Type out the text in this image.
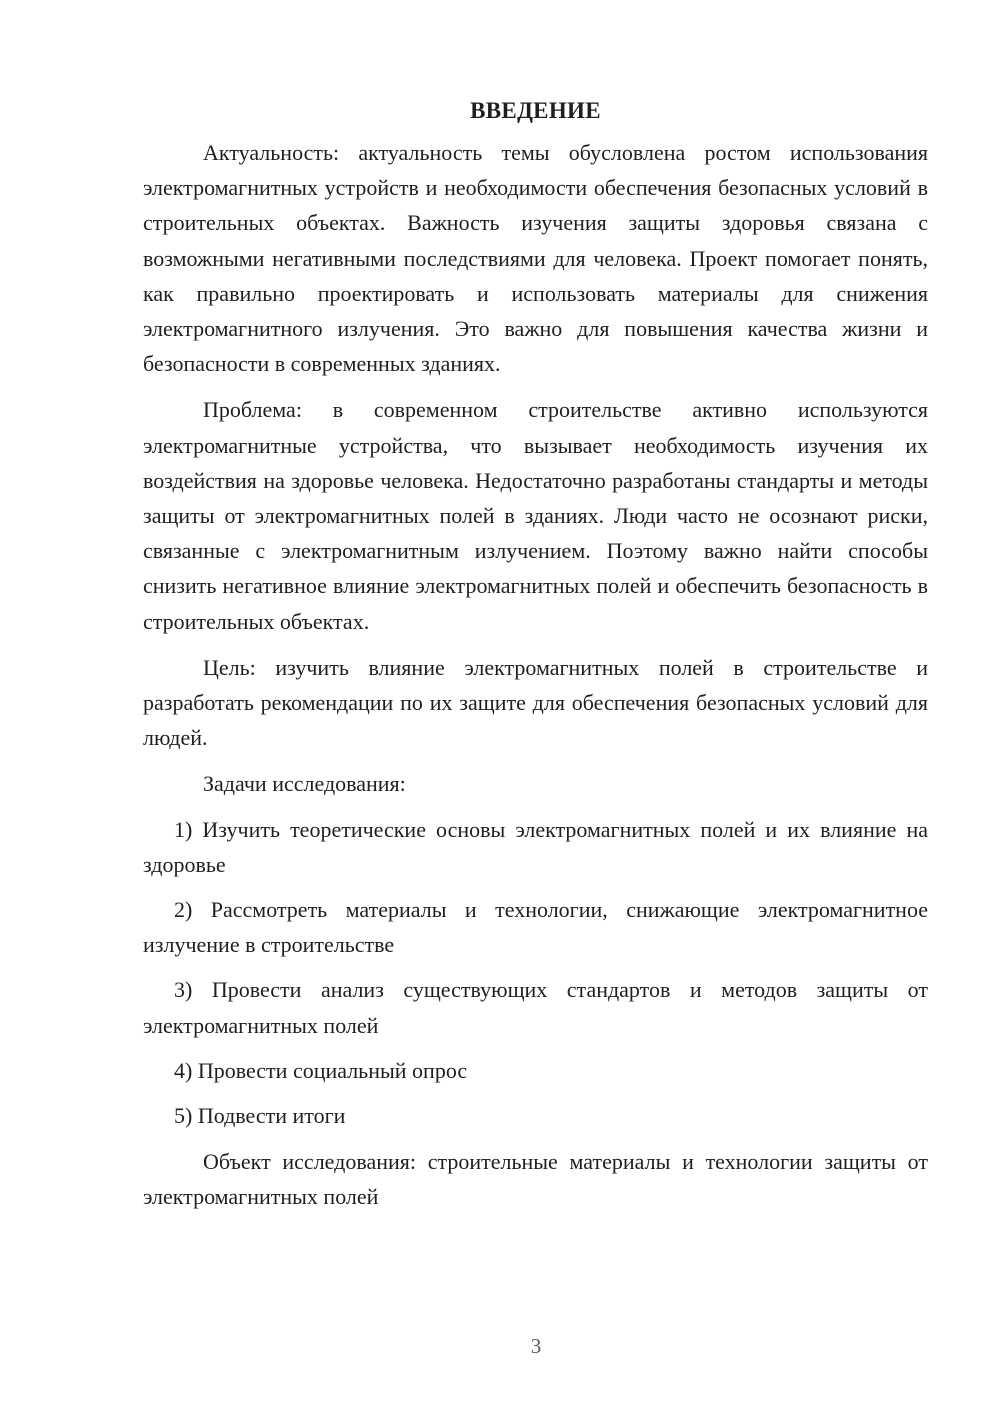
ВВЕДЕНИЕ

Актуальность: актуальность темы обусловлена ростом использования электромагнитных устройств и необходимости обеспечения безопасных условий в строительных объектах. Важность изучения защиты здоровья связана с возможными негативными последствиями для человека. Проект помогает понять, как правильно проектировать и использовать материалы для снижения электромагнитного излучения. Это важно для повышения качества жизни и безопасности в современных зданиях.

Проблема: в современном строительстве активно используются электромагнитные устройства, что вызывает необходимость изучения их воздействия на здоровье человека. Недостаточно разработаны стандарты и методы защиты от электромагнитных полей в зданиях. Люди часто не осознают риски, связанные с электромагнитным излучением. Поэтому важно найти способы снизить негативное влияние электромагнитных полей и обеспечить безопасность в строительных объектах.

Цель: изучить влияние электромагнитных полей в строительстве и разработать рекомендации по их защите для обеспечения безопасных условий для людей.

Задачи исследования:

1) Изучить теоретические основы электромагнитных полей и их влияние на здоровье

2) Рассмотреть материалы и технологии, снижающие электромагнитное излучение в строительстве

3) Провести анализ существующих стандартов и методов защиты от электромагнитных полей

4) Провести социальный опрос

5) Подвести итоги

Объект исследования: строительные материалы и технологии защиты от электромагнитных полей

3
